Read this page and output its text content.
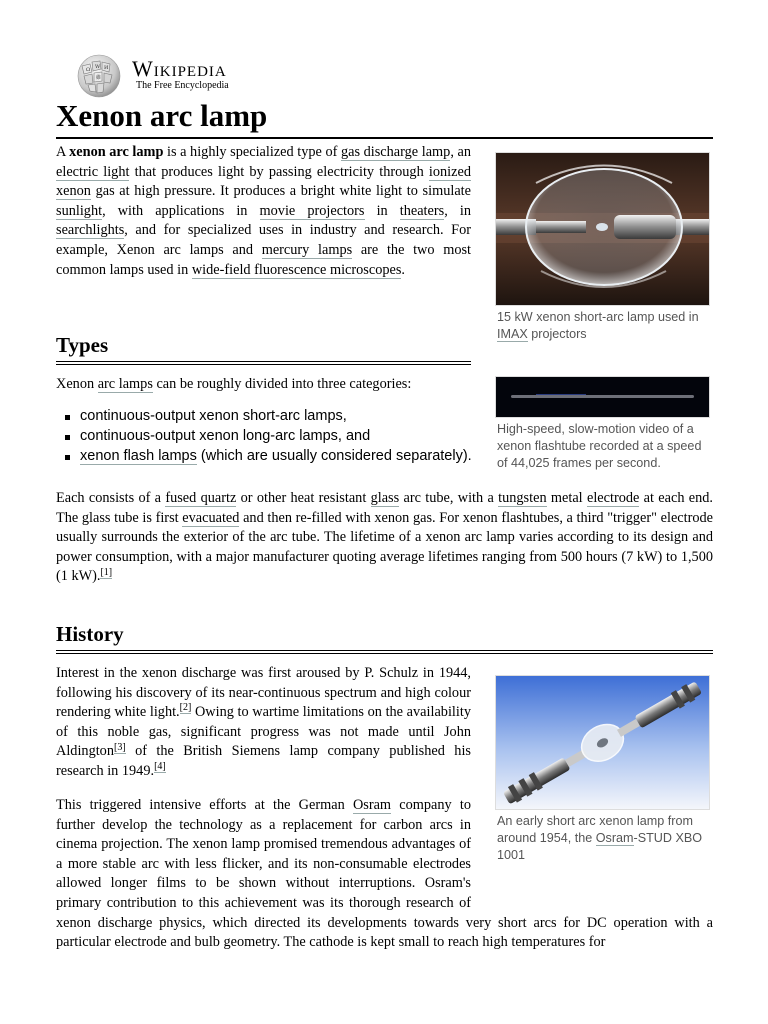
Ω W И
維 Wikipedia
The Free Encyclopedia
Xenon arc lamp

A xenon arc lamp is a highly specialized type of gas discharge lamp, an electric light that produces light by passing electricity through ionized xenon gas at high pressure. It produces a bright white light to simulate sunlight, with applications in movie projectors in theaters, in searchlights, and for specialized uses in industry and research. For example, Xenon arc lamps and mercury lamps are the two most common lamps used in wide-field fluorescence microscopes.

15 kW xenon short-arc lamp used in IMAX projectors
Types

Xenon arc lamps can be roughly divided into three categories:

continuous-output xenon short-arc lamps,
continuous-output xenon long-arc lamps, and
xenon flash lamps (which are usually considered separately).
High-speed, slow-motion video of a xenon flashtube recorded at a speed of 44,025 frames per second.

Each consists of a fused quartz or other heat resistant glass arc tube, with a tungsten metal electrode at each end. The glass tube is first evacuated and then re-filled with xenon gas. For xenon flashtubes, a third "trigger" electrode usually surrounds the exterior of the arc tube. The lifetime of a xenon arc lamp varies according to its design and power consumption, with a major manufacturer quoting average lifetimes ranging from 500 hours (7 kW) to 1,500 (1 kW).[1]

History
An early short arc xenon lamp from around 1954, the Osram-STUD XBO 1001

Interest in the xenon discharge was first aroused by P. Schulz in 1944, following his discovery of its near-continuous spectrum and high colour rendering white light.[2] Owing to wartime limitations on the availability of this noble gas, significant progress was not made until John Aldington[3] of the British Siemens lamp company published his research in 1949.[4]

This triggered intensive efforts at the German Osram company to further develop the technology as a replacement for carbon arcs in cinema projection. The xenon lamp promised tremendous advantages of a more stable arc with less flicker, and its non-consumable electrodes allowed longer films to be shown without interruptions. Osram's primary contribution to this achievement was its thorough research of xenon discharge physics, which directed its developments towards very short arcs for DC operation with a particular electrode and bulb geometry. The cathode is kept small to reach high temperatures for
